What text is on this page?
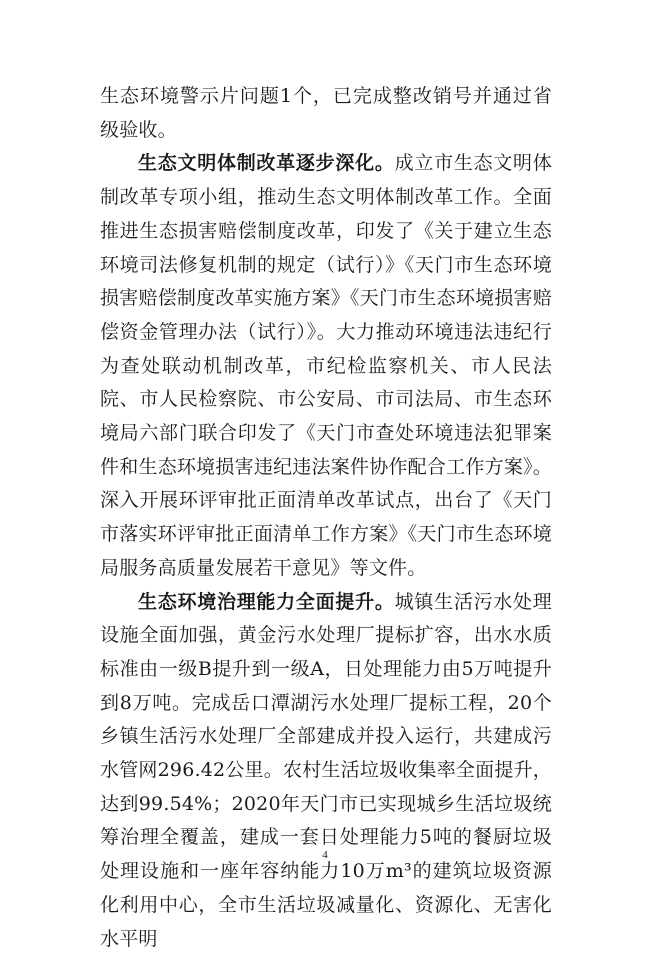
生态环境警示片问题1个，已完成整改销号并通过省级验收。

生态文明体制改革逐步深化。成立市生态文明体制改革专项小组，推动生态文明体制改革工作。全面推进生态损害赔偿制度改革，印发了《关于建立生态环境司法修复机制的规定（试行）》《天门市生态环境损害赔偿制度改革实施方案》《天门市生态环境损害赔偿资金管理办法（试行）》。大力推动环境违法违纪行为查处联动机制改革，市纪检监察机关、市人民法院、市人民检察院、市公安局、市司法局、市生态环境局六部门联合印发了《天门市查处环境违法犯罪案件和生态环境损害违纪违法案件协作配合工作方案》。深入开展环评审批正面清单改革试点，出台了《天门市落实环评审批正面清单工作方案》《天门市生态环境局服务高质量发展若干意见》等文件。

生态环境治理能力全面提升。城镇生活污水处理设施全面加强，黄金污水处理厂提标扩容，出水水质标准由一级B提升到一级A，日处理能力由5万吨提升到8万吨。完成岳口潭湖污水处理厂提标工程，20个乡镇生活污水处理厂全部建成并投入运行，共建成污水管网296.42公里。农村生活垃圾收集率全面提升，达到99.54%；2020年天门市已实现城乡生活垃圾统筹治理全覆盖，建成一套日处理能力5吨的餐厨垃圾处理设施和一座年容纳能力10万m³的建筑垃圾资源化利用中心，全市生活垃圾减量化、资源化、无害化水平明

4
